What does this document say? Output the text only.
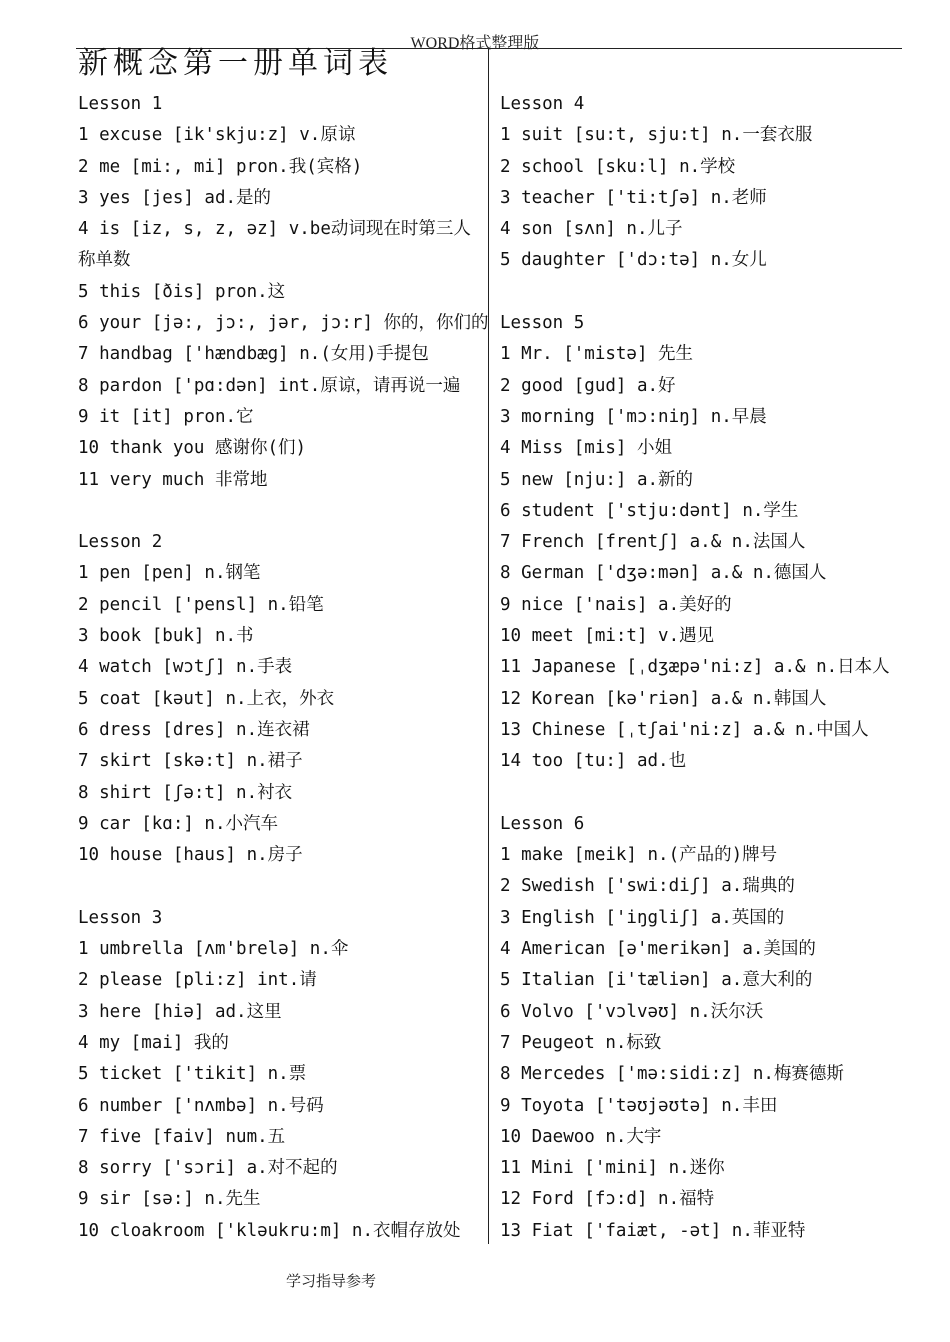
WORD格式整理版
新概念第一册单词表
Lesson 1
1 excuse [ik'skju:z] v.原谅
2 me [mi:, mi] pron.我(宾格)
3 yes [jes] ad.是的
4 is [iz, s, z, əz] v.be动词现在时第三人称单数
5 this [ðis] pron.这
6 your [jə:, jɔ:, jər, jɔ:r] 你的，你们的
7 handbag ['hændbæg] n.(女用)手提包
8 pardon ['pɑ:dən] int.原谅，请再说一遍
9 it [it] pron.它
10 thank you 感谢你(们)
11 very much 非常地
Lesson 2
1 pen [pen] n.钢笔
2 pencil ['pensl] n.铅笔
3 book [buk] n.书
4 watch [wɔtʃ] n.手表
5 coat [kəut] n.上衣，外衣
6 dress [dres] n.连衣裙
7 skirt [skə:t] n.裙子
8 shirt [ʃə:t] n.衬衣
9 car [kɑ:] n.小汽车
10 house [haus] n.房子
Lesson 3
1 umbrella [ʌm'brelə] n.伞
2 please [pli:z] int.请
3 here [hiə] ad.这里
4 my [mai] 我的
5 ticket ['tikit] n.票
6 number ['nʌmbə] n.号码
7 five [faiv] num.五
8 sorry ['sɔri] a.对不起的
9 sir [sə:] n.先生
10 cloakroom ['kləukru:m] n.衣帽存放处
Lesson 4
1 suit [su:t, sju:t] n.一套衣服
2 school [sku:l] n.学校
3 teacher ['ti:tʃə] n.老师
4 son [sʌn] n.儿子
5 daughter ['dɔ:tə] n.女儿
Lesson 5
1 Mr. ['mistə] 先生
2 good [gud] a.好
3 morning ['mɔ:niŋ] n.早晨
4 Miss [mis] 小姐
5 new [nju:] a.新的
6 student ['stju:dənt] n.学生
7 French [frentʃ] a.& n.法国人
8 German ['dʒə:mən] a.& n.德国人
9 nice ['nais] a.美好的
10 meet [mi:t] v.遇见
11 Japanese [ˌdʒæpə'ni:z] a.& n.日本人
12 Korean [kə'riən] a.& n.韩国人
13 Chinese [ˌtʃai'ni:z] a.& n.中国人
14 too [tu:] ad.也
Lesson 6
1 make [meik] n.(产品的)牌号
2 Swedish ['swi:diʃ] a.瑞典的
3 English ['iŋgliʃ] a.英国的
4 American [ə'merikən] a.美国的
5 Italian [i'tæliən] a.意大利的
6 Volvo ['vɔlvəʊ] n.沃尔沃
7 Peugeot n.标致
8 Mercedes ['mə:sidi:z] n.梅赛德斯
9 Toyota ['təʊjəʊtə] n.丰田
10 Daewoo n.大宇
11 Mini ['mini] n.迷你
12 Ford [fɔ:d] n.福特
13 Fiat ['faiæt, -ət] n.菲亚特
学习指导参考
